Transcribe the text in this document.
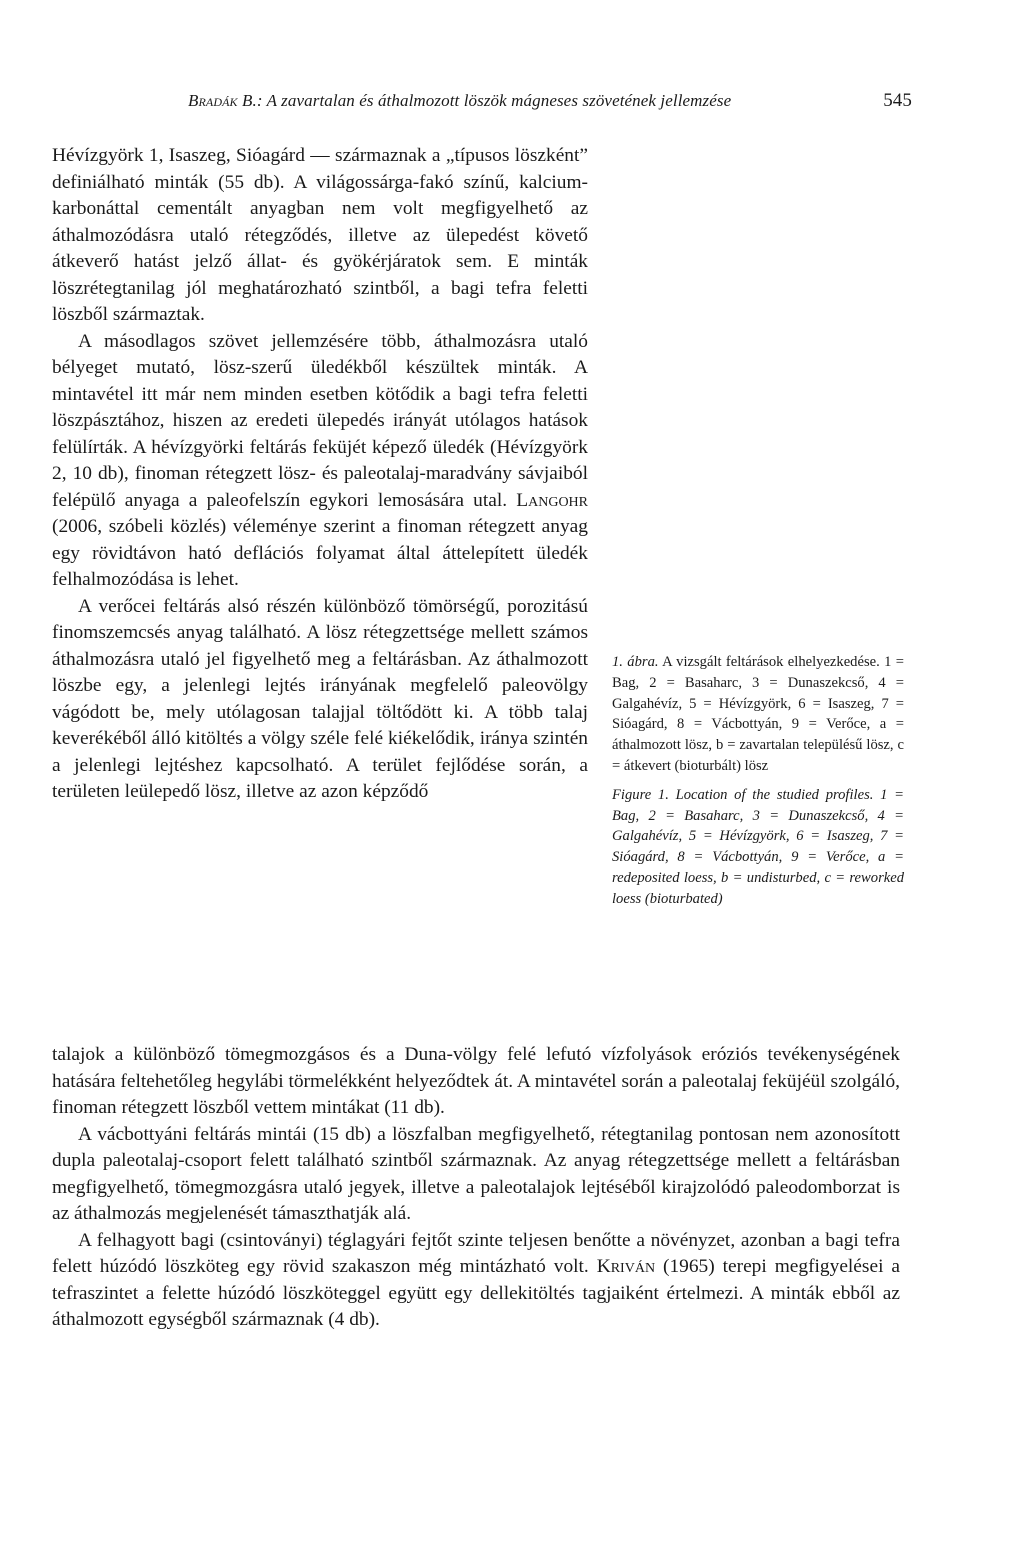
Bradák B.: A zavartalan és áthalmozott löszök mágneses szövetének jellemzése	545

Hévízgyörk 1, Isaszeg, Sióagárd — származnak a „típusos löszként” definiálható minták (55 db). A világossárga-fakó színű, kalcium-karbonáttal cementált anyagban nem volt megfigyelhető az áthalmozódásra utaló rétegződés, illetve az ülepedést követő átkeverő hatást jelző állat- és gyökérjáratok sem. E minták löszrétegtanilag jól meghatározható szintből, a bagi tefra feletti löszből származtak.

A másodlagos szövet jellemzésére több, áthalmozásra utaló bélyeget mutató, lösz-szerű üledékből készültek minták. A mintavétel itt már nem minden esetben kötődik a bagi tefra feletti löszpásztához, hiszen az eredeti ülepedés irányát utólagos hatások felülírták. A hévízgyörki feltárás feküjét képező üledék (Hévízgyörk 2, 10 db), finoman rétegzett lösz- és paleotalaj-maradvány sávjaiból felépülő anyaga a paleofelszín egykori lemosására utal. Langohr (2006, szóbeli közlés) véleménye szerint a finoman rétegzett anyag egy rövidtávon ható deflációs folyamat által áttelepített üledék felhalmozódása is lehet.

A verőcei feltárás alsó részén különböző tömörségű, porozitású finomszemcsés anyag található. A lösz rétegzettsége mellett számos áthalmozásra utaló jel figyelhető meg a feltárásban. Az áthalmozott löszbe egy, a jelenlegi lejtés irányának megfelelő paleovölgy vágódott be, mely utólagosan talajjal töltődött ki. A több talaj keverékéből álló kitöltés a völgy széle felé kiékelődik, iránya szintén a jelenlegi lejtéshez kapcsolható. A terület fejlődése során, a területen leülepedő lösz, illetve az azon képződő

1. ábra. A vizsgált feltárások elhelyezkedése. 1 = Bag, 2 = Basaharc, 3 = Dunaszekcső, 4 = Galgahévíz, 5 = Hévízgyörk, 6 = Isaszeg, 7 = Sióagárd, 8 = Vácbottyán, 9 = Verőce, a = áthalmozott lösz, b = zavartalan településű lösz, c = átkevert (bioturbált) lösz

Figure 1. Location of the studied profiles. 1 = Bag, 2 = Basaharc, 3 = Dunaszekcső, 4 = Galgahévíz, 5 = Hévízgyörk, 6 = Isaszeg, 7 = Sióagárd, 8 = Vácbottyán, 9 = Verőce, a = redeposited loess, b = undisturbed, c = reworked loess (bioturbated)

talajok a különböző tömegmozgásos és a Duna-völgy felé lefutó vízfolyások eróziós tevékenységének hatására feltehetőleg hegylábi törmelékként helyeződtek át. A mintavétel során a paleotalaj feküjéül szolgáló, finoman rétegzett löszből vettem mintákat (11 db).

A vácbottyáni feltárás mintái (15 db) a löszfalban megfigyelhető, rétegtanilag pontosan nem azonosított dupla paleotalaj-csoport felett található szintből származnak. Az anyag rétegzettsége mellett a feltárásban megfigyelhető, tömegmozgásra utaló jegyek, illetve a paleotalajok lejtéséből kirajzolódó paleodomborzat is az áthalmozás megjelenését támaszthatják alá.

A felhagyott bagi (csintoványi) téglagyári fejtőt szinte teljesen benőtte a növényzet, azonban a bagi tefra felett húzódó löszköteg egy rövid szakaszon még mintázható volt. Kriván (1965) terepi megfigyelései a tefraszintet a felette húzódó löszköteggel együtt egy dellekitöltés tagjaiként értelmezi. A minták ebből az áthalmozott egységből származnak (4 db).
